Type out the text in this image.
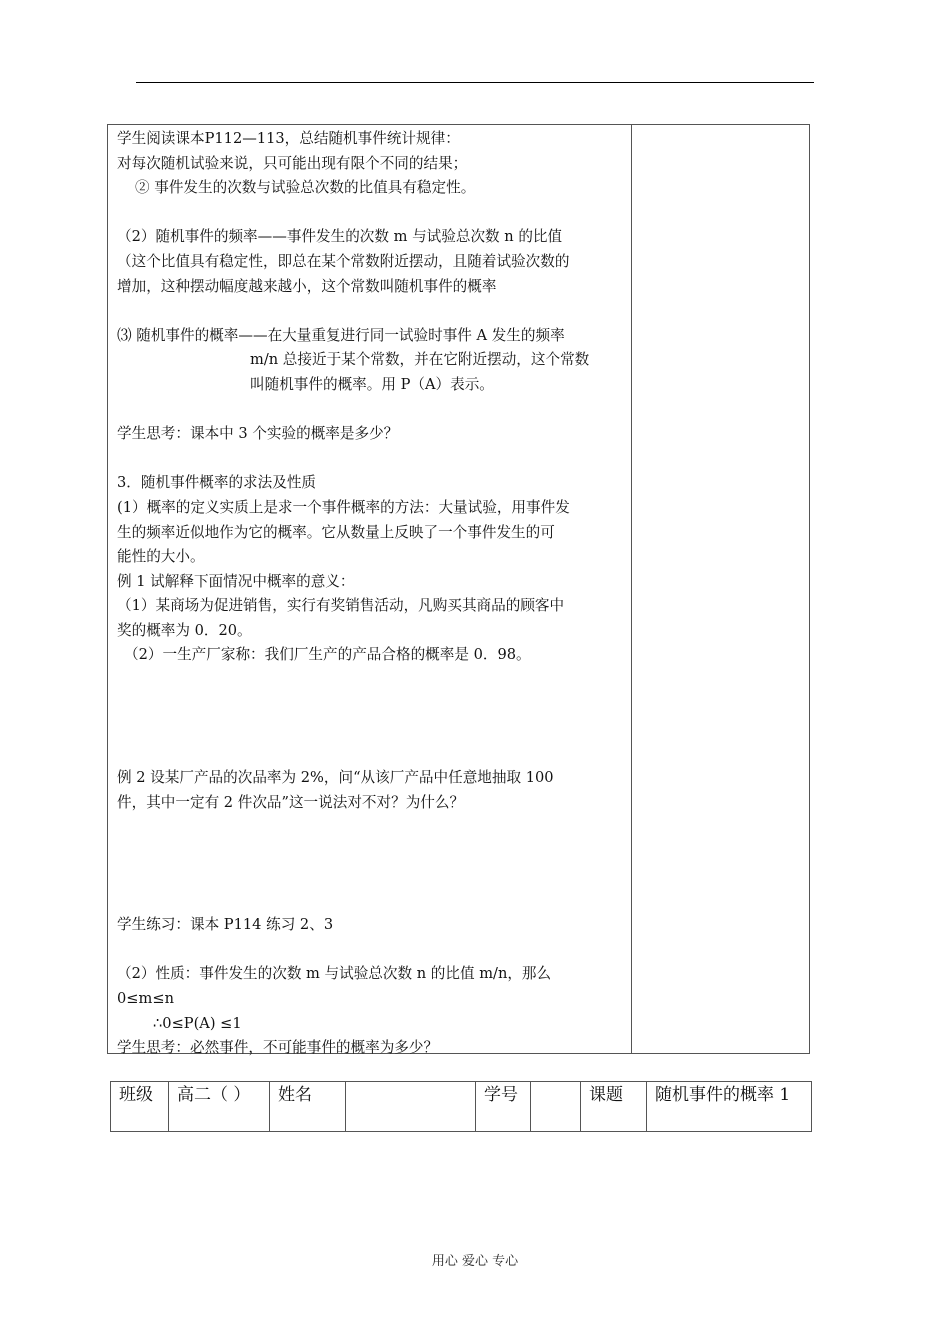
学生阅读课本P112—113，总结随机事件统计规律：
对每次随机试验来说，只可能出现有限个不同的结果；
② 事件发生的次数与试验总次数的比值具有稳定性。
（2）随机事件的频率——事件发生的次数 m 与试验总次数 n 的比值
（这个比值具有稳定性，即总在某个常数附近摆动，且随着试验次数的
增加，这种摆动幅度越来越小，这个常数叫随机事件的概率
⑶ 随机事件的概率——在大量重复进行同一试验时事件 A 发生的频率
m/n 总接近于某个常数，并在它附近摆动，这个常数
叫随机事件的概率。用 P（A）表示。
学生思考：课本中 3 个实验的概率是多少？
3．随机事件概率的求法及性质
(1）概率的定义实质上是求一个事件概率的方法：大量试验，用事件发
生的频率近似地作为它的概率。它从数量上反映了一个事件发生的可
能性的大小。
例 1 试解释下面情况中概率的意义：
（1）某商场为促进销售，实行有奖销售活动，凡购买其商品的顾客中
奖的概率为 0．20。
（2）一生产厂家称：我们厂生产的产品合格的概率是 0．98。
例 2 设某厂产品的次品率为 2%，问“从该厂产品中任意地抽取 100
件，其中一定有 2 件次品”这一说法对不对？为什么？
学生练习：课本 P114 练习 2、3
（2）性质：事件发生的次数 m 与试验总次数 n 的比值 m/n，那么
0≤m≤n
∴0≤P(A) ≤1
学生思考：必然事件，不可能事件的概率为多少？
班级	高二（ ）	姓名		学号		课题	随机事件的概率 1
用心 爱心 专心
